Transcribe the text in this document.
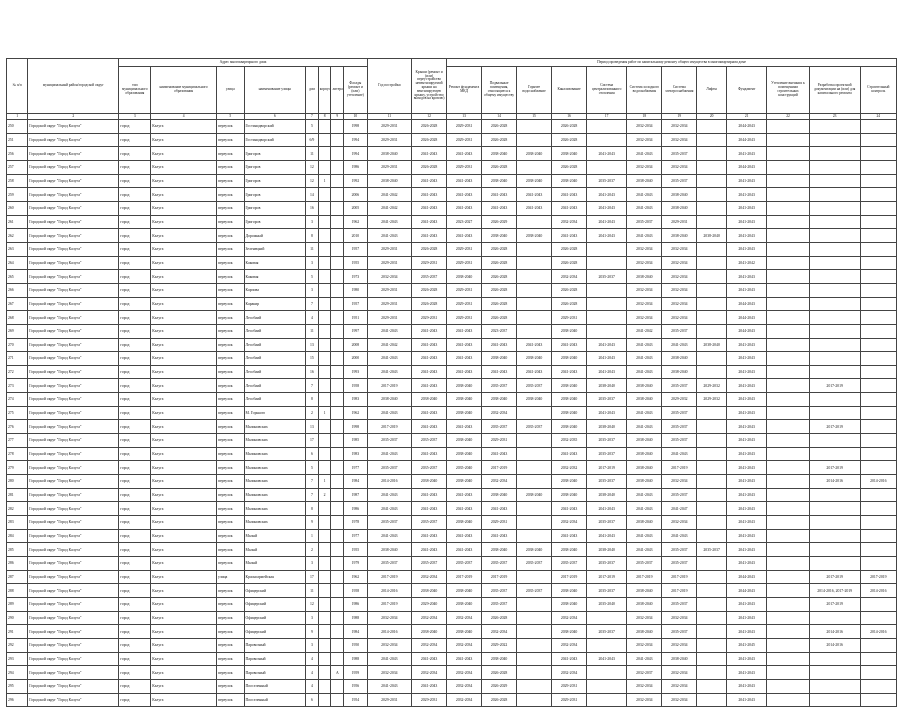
№ п/п	муниципальный район/городской округ	Адрес многоквартирного дома								Год постройки	Крыши (ремонт и (или) переустройство невентилируемой крыши на вентилируемую крышу, устройство выходов на кровлю)	Период проведения работ по капитальному ремонту общего имущества в многоквартирном доме											
		тип муниципального образования	наименование муниципального образования	улица	наименование улицы	дом	корпус	литера	Фасады (ремонт и (или) утепление)			Ремонт фундамента МКД	Подвальные помещения, относящиеся к общему имуществу	Горячее водоснабжение	Канализование	Система централизованного отопления	Система холодного водоснабжения	Система электроснабжения	Лифты	Фундамент	Утепление внешних к помещениям строительных конструкций	Разработка проектной документации на (или) для капитального ремонта	Строительный контроль
1	2	3	4	5	6	7	8	9	10	11	12	13	14	15	16	17	18	19	20	21	22	23	24
250	Городской округ "Город Калуга"	город	Калуга	переулок	Гостинодворский	5			1998	2029-2031	2026-2028	2029-2031	2026-2028		2026-2028		2032-2034	2032-2034		2044-2043			
251	Городской округ "Город Калуга"	город	Калуга	переулок	Гостинодворский	6/9			1994	2029-2031	2026-2028	2029-2031	2026-2028		2026-2028		2032-2034	2032-2034		2044-2043			
256	Городской округ "Город Калуга"	город	Калуга	переулок	Григоров	11			1994	2038-2040	2041-2043	2041-2043	2038-2040	2038-2040	2038-2040	2041-2043	2041-2043	2035-2037		2041-2043			
257	Городской округ "Город Калуга"	город	Калуга	переулок	Григоров	12			1986	2029-2031	2026-2028	2029-2031	2026-2028		2026-2028		2032-2034	2032-2034		2044-2043			
258	Городской округ "Город Калуга"	город	Калуга	переулок	Григоров	12	1		1992	2038-2040	2041-2043	2041-2043	2038-2040	2038-2040	2038-2040	2035-2037	2038-2040	2035-2037		2041-2043			
259	Городской округ "Город Калуга"	город	Калуга	переулок	Григоров	14			2006	2041-2042	2041-2043	2041-2043	2041-2043	2041-2043	2041-2043	2041-2043	2041-2043	2038-2040		2041-2043			
260	Городской округ "Город Калуга"	город	Калуга	переулок	Григоров	16			2005	2041-2042	2041-2043	2041-2043	2041-2043	2041-2043	2041-2043	2041-2043	2041-2043	2038-2040		2041-2043			
261	Городской округ "Город Калуга"	город	Калуга	переулок	Григоров	3			1962	2041-2043	2041-2043	2023-2027	2026-2029		2032-2034	2041-2043	2035-2037	2029-2031		2041-2043			
262	Городской округ "Город Калуга"	город	Калуга	переулок	Дорожный	8			2010	2041-2043	2041-2043	2041-2043	2038-2040	2038-2040	2041-2043	2041-2043	2041-2043	2038-2040	2038-2040	2041-2043			
263	Городской округ "Город Калуга"	город	Калуга	переулок	Зеленецкий	11			1957	2029-2031	2026-2028	2029-2031	2026-2028		2026-2028		2032-2034	2032-2034		2041-2043			
264	Городской округ "Город Калуга"	город	Калуга	переулок	Каковая	3			1955	2029-2031	2029-2031	2029-2031	2026-2028		2026-2028		2032-2034	2032-2034		2041-2042			
265	Городской округ "Город Калуга"	город	Калуга	переулок	Каковая	5			1973	2032-2034	2035-2037	2038-2040	2026-2028		2032-2034	2035-2037	2038-2040	2032-2034		2041-2043			
266	Городской округ "Город Калуга"	город	Калуга	переулок	Карпова	3			1980	2029-2031	2026-2028	2029-2031	2026-2028		2026-2028		2032-2034	2032-2034		2041-2043			
267	Городской округ "Город Калуга"	город	Калуга	переулок	Каракир	7			1957	2029-2031	2026-2028	2029-2031	2026-2028		2026-2028		2032-2034	2032-2034		2044-2043			
268	Городской округ "Город Калуга"	город	Калуга	переулок	Лесобаий	4			1951	2029-2031	2029-2031	2029-2031	2026-2028		2029-2031		2032-2034	2032-2034		2044-2043			
269	Городской округ "Город Калуга"	город	Калуга	переулок	Лесобаий	11			1997	2041-2043	2041-2043	2041-2043	2023-2037		2038-2040		2041-2042	2035-2037		2044-2043			
270	Городской округ "Город Калуга"	город	Калуга	переулок	Лесобаий	13			2008	2041-2042	2041-2043	2041-2043	2041-2043	2041-2043	2041-2043	2041-2043	2041-2043	2041-2043	2038-2040	2041-2043			
271	Городской округ "Город Калуга"	город	Калуга	переулок	Лесобаий	15			2000	2041-2043	2041-2043	2041-2043	2038-2040	2038-2040	2038-2040	2041-2043	2041-2043	2038-2040		2041-2043			
272	Городской округ "Город Калуга"	город	Калуга	переулок	Лесобаий	16			1993	2041-2043	2041-2043	2041-2043	2041-2043	2041-2043	2041-2043	2041-2043	2041-2043	2038-2040		2041-2043			
273	Городской округ "Город Калуга"	город	Калуга	переулок	Лесобаий	7			1958	2017-2019	2041-2043	2038-2040	2035-2037	2035-2037	2038-2040	2038-2040	2038-2040	2035-2037	2029-2032	2041-2043		2017-2019	
274	Городской округ "Город Калуга"	город	Калуга	переулок	Лесобаий	8			1983	2038-2040	2038-2040	2038-2040	2038-2040	2038-2040	2038-2040	2035-2037	2038-2040	2029-2032	2029-2032	2041-2043			
275	Городской округ "Город Калуга"	город	Калуга	переулок	М. Горького	2	1		1962	2041-2043	2041-2043	2038-2040	2032-2034		2038-2040	2041-2043	2041-2043	2035-2037		2041-2043			
276	Городской округ "Город Калуга"	город	Калуга	переулок	Малиновских	13			1998	2017-2019	2041-2043	2041-2043	2035-2037	2035-2037	2038-2040	2038-2040	2041-2043	2035-2037		2041-2043		2017-2019	
277	Городской округ "Город Калуга"	город	Калуга	переулок	Малиновских	17			1985	2035-2037	2035-2037	2038-2040	2029-2031		2032-2035	2035-2037	2038-2040	2035-2037		2041-2043			
278	Городской округ "Город Калуга"	город	Калуга	переулок	Малиновских	6			1983	2041-2043	2041-2043	2038-2040	2041-2043		2041-2043	2035-2037	2038-2040	2041-2043		2041-2043			
279	Городской округ "Город Калуга"	город	Калуга	переулок	Малиновских	5			1977	2035-2037	2035-2037	2035-2040	2017-2019		2032-2032	2017-2019	2038-2040	2017-2019		2041-2043		2017-2019	
280	Городской округ "Город Калуга"	город	Калуга	переулок	Малиновских	7	1		1984	2014-2016	2038-2040	2038-2040	2032-2034		2038-2040	2035-2037	2038-2040	2032-2034		2041-2043		2014-2016	2014-2016
281	Городской округ "Город Калуга"	город	Калуга	переулок	Малиновских	7	2		1987	2041-2043	2041-2043	2041-2043	2038-2040	2038-2040	2038-2040	2038-2040	2041-2043	2035-2037		2041-2043			
282	Городской округ "Город Калуга"	город	Калуга	переулок	Малиновских	8			1986	2041-2043	2041-2043	2041-2043	2041-2043		2041-2043	2041-2043	2041-2043	2041-2047		2041-2043			
283	Городской округ "Город Калуга"	город	Калуга	переулок	Малиновских	9			1978	2035-2037	2035-2037	2038-2040	2029-2031		2032-2034	2035-2037	2038-2040	2032-2034		2041-2043			
284	Городской округ "Город Калуга"	город	Калуга	переулок	Малый	1			1977	2041-2043	2041-2043	2041-2043	2041-2043		2041-2043	2041-2043	2041-2043	2041-2043		2041-2043			
285	Городской округ "Город Калуга"	город	Калуга	переулок	Малый	2			1955	2038-2040	2041-2043	2041-2043	2038-2040	2038-2040	2038-2040	2038-2040	2041-2043	2035-2037	2035-2037	2041-2043			
286	Городской округ "Город Калуга"	город	Калуга	переулок	Малый	3			1979	2035-2037	2035-2037	2035-2037	2035-2037	2035-2037	2035-2037	2035-2037	2035-2037	2035-2037		2041-2043			
287	Городской округ "Город Калуга"	город	Калуга	улица	Красноармейская	17			1962	2017-2019	2032-2034	2017-2019	2017-2019		2017-2019	2017-2019	2017-2019	2017-2019		2044-2043		2017-2019	2017-2019
288	Городской округ "Город Калуга"	город	Калуга	переулок	Офицерский	11			1958	2014-2016	2038-2040	2038-2040	2035-2037	2035-2037	2038-2040	2035-2037	2038-2040	2017-2019		2044-2043		2014-2016, 2017-2019	2014-2016
289	Городской округ "Город Калуга"	город	Калуга	переулок	Офицерский	12			1986	2017-2019	2029-2040	2038-2040	2035-2037		2038-2040	2035-2040	2038-2040	2035-2037		2041-2043		2017-2019	
290	Городской округ "Город Калуга"	город	Калуга	переулок	Офицерский	3			1988	2032-2034	2032-2034	2032-2034	2026-2028		2032-2034		2032-2034	2032-2034		2041-2043			
291	Городской округ "Город Калуга"	город	Калуга	переулок	Офицерский	9			1984	2014-2016	2038-2040	2038-2040	2032-2034		2038-2040	2035-2037	2038-2040	2035-2037		2041-2043		2014-2016	2014-2016
292	Городской округ "Город Калуга"	город	Калуга	переулок	Паровозный	3			1950	2032-2034	2032-2034	2032-2034	2029-2022		2032-2034		2032-2034	2032-2034		2041-2045		2014-2016	
293	Городской округ "Город Калуга"	город	Калуга	переулок	Паровозный	4			1988	2041-2043	2041-2043	2041-2043	2038-2040		2041-2043	2041-2043	2041-2043	2038-2040		2041-2043			
294	Городской округ "Город Калуга"	город	Калуга	переулок	Паровозный	4		А	1959	2032-2034	2032-2034	2032-2034	2026-2028		2032-2034		2032-2037	2032-2034		2041-2043			
295	Городской округ "Город Калуга"	город	Калуга	переулок	Пооселенный	4			1956	2041-2043	2041-2043	2032-2034	2026-2029		2029-2031		2032-2034	2032-2034		2041-2043			
296	Городской округ "Город Калуга"	город	Калуга	переулок	Пооселенный	6			1954	2029-2031	2029-2031	2032-2034	2026-2028		2029-2031		2032-2034	2032-2034		2041-2043			
